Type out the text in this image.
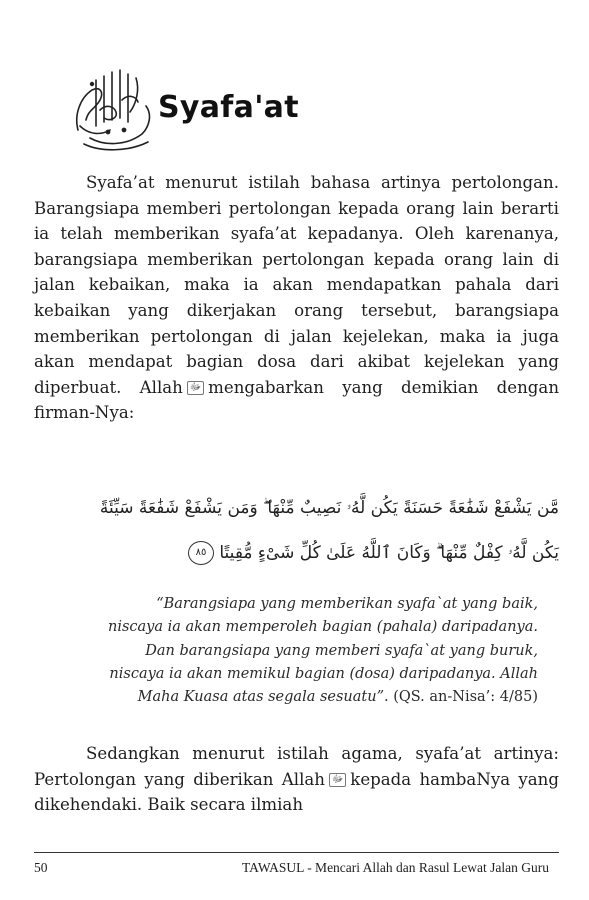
Syafa'at
Syafa’at menurut istilah bahasa artinya pertolongan. Barangsiapa memberi pertolongan kepada orang lain berarti ia telah memberikan syafa’at kepadanya. Oleh karenanya, barangsiapa memberikan pertolongan kepada orang lain di jalan kebaikan, maka ia akan mendapatkan pahala dari kebaikan yang dikerjakan orang tersebut, barangsiapa memberikan pertolongan di jalan kejelekan, maka ia juga akan mendapat bagian dosa dari akibat kejelekan yang diperbuat. Allah ﷻ mengabarkan yang demikian dengan firman-Nya:
مَّن يَشْفَعْ شَفَٰعَةً حَسَنَةً يَكُن لَّهُۥ نَصِيبٌ مِّنْهَا ۖ وَمَن يَشْفَعْ شَفَٰعَةً سَيِّئَةً
يَكُن لَّهُۥ كِفْلٌ مِّنْهَا ۗ وَكَانَ ٱللَّهُ عَلَىٰ كُلِّ شَىْءٍ مُّقِيتًا ٨٥
“Barangsiapa yang memberikan syafa`at yang baik,
niscaya ia akan memperoleh bagian (pahala) daripadanya.
Dan barangsiapa yang memberi syafa`at yang buruk,
niscaya ia akan memikul bagian (dosa) daripadanya. Allah
Maha Kuasa atas segala sesuatu”. (QS. an-Nisa’: 4/85)
Sedangkan menurut istilah agama, syafa’at artinya: Pertolongan yang diberikan Allah ﷻ kepada hambaNya yang dikehendaki. Baik secara ilmiah
50	TAWASUL - Mencari Allah dan Rasul Lewat Jalan Guru
